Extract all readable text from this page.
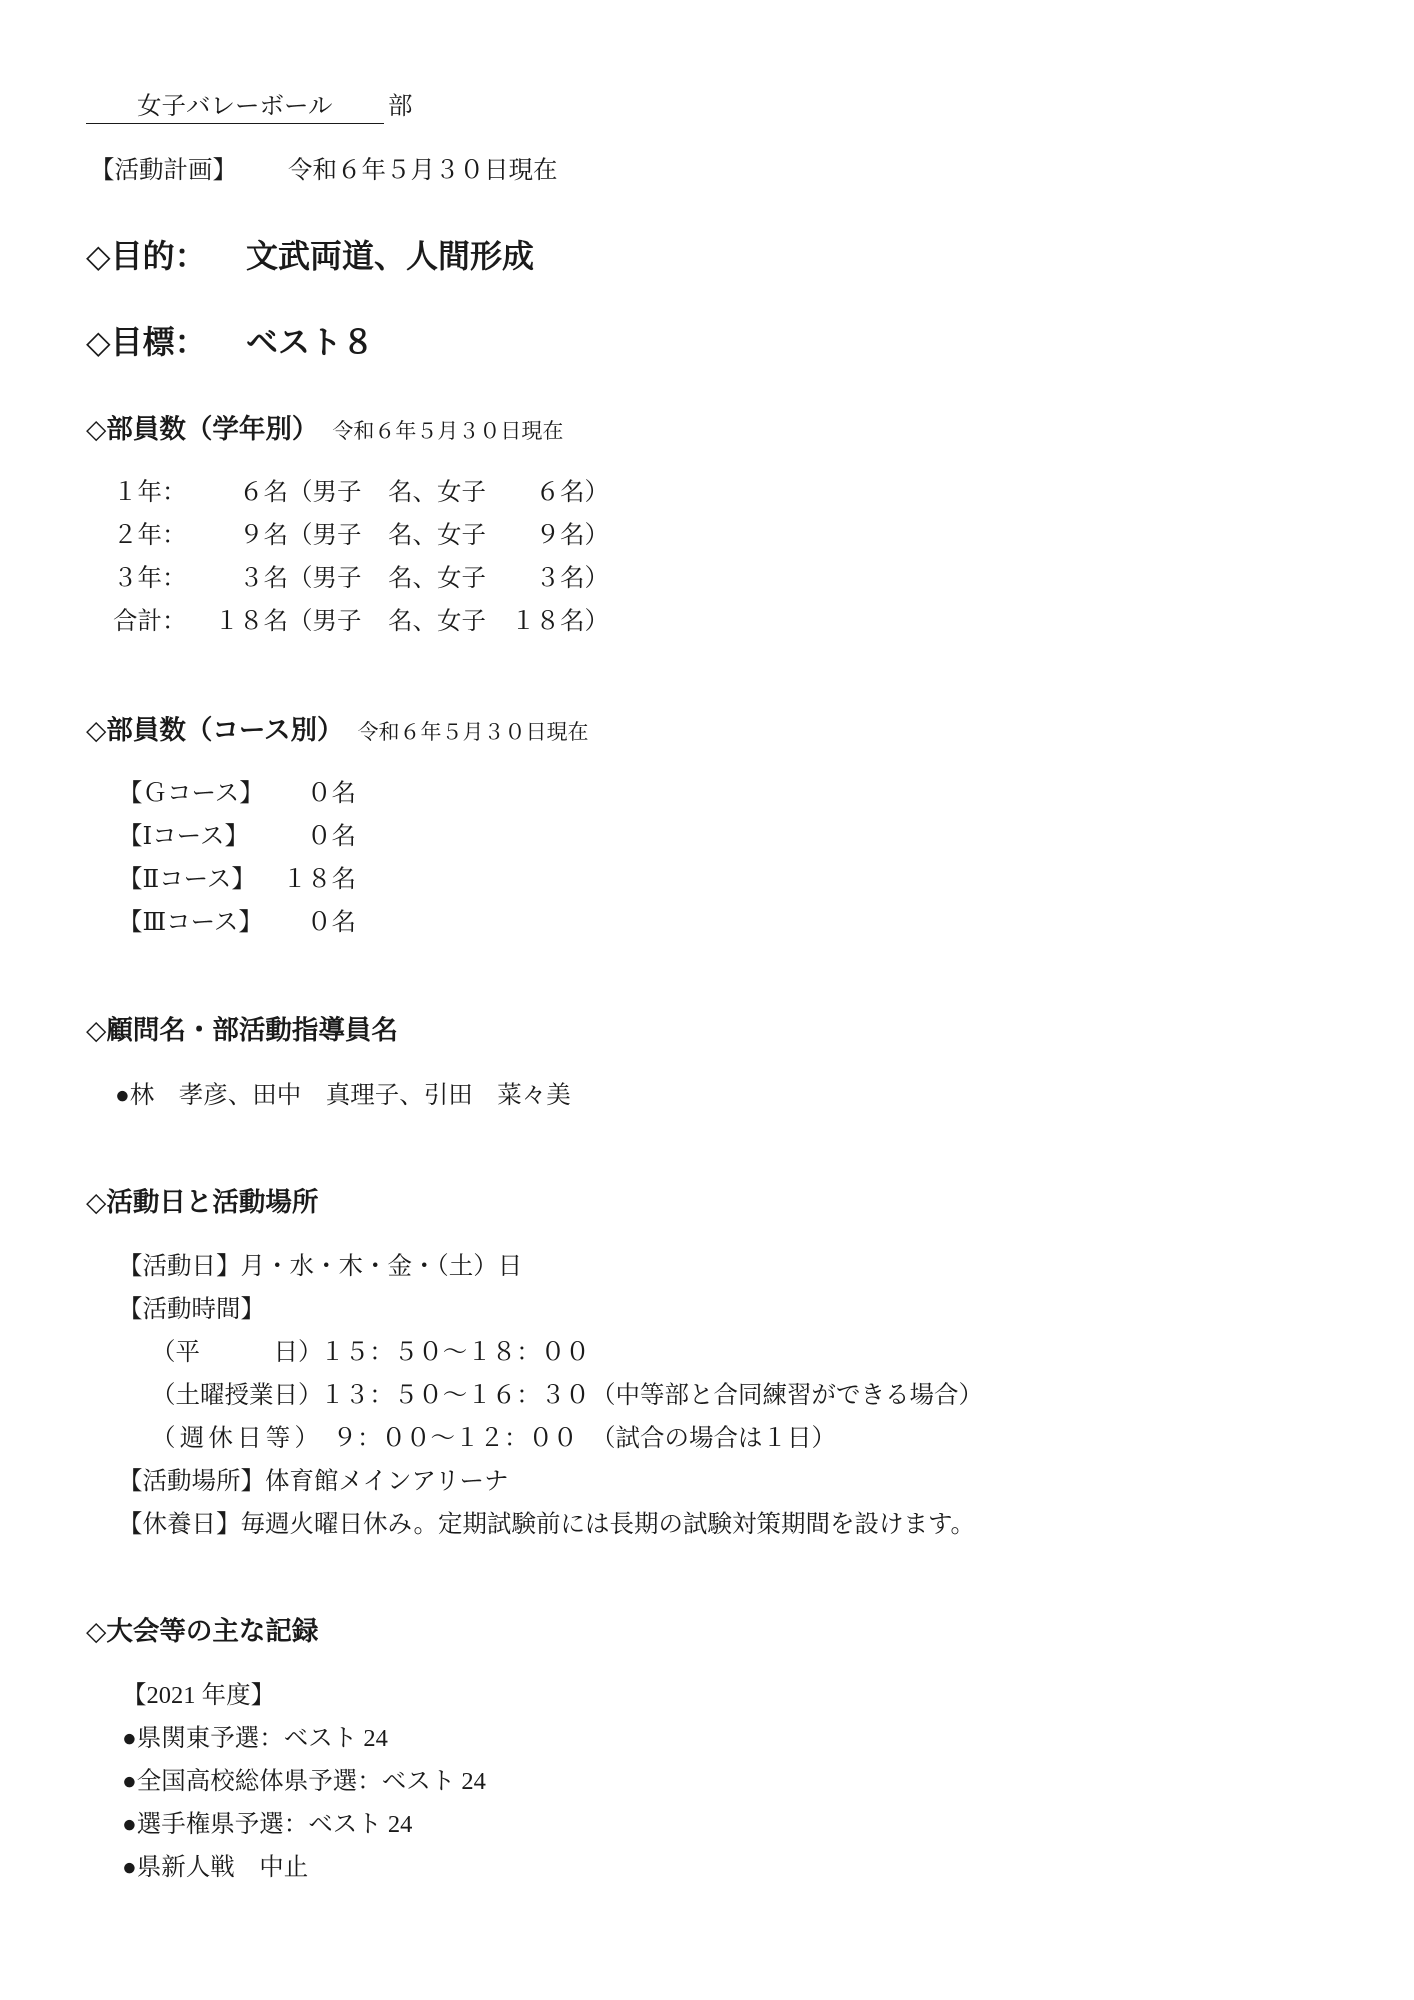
女子バレーボール 部
【活動計画】 令和６年５月３０日現在
◇目的： 文武両道、人間形成
◇目標： ベスト８
◇部員数（学年別） 令和６年５月３０日現在
１年：	６名 （男子 名、女子	６ 名）
２年：	９名 （男子 名、女子	９ 名）
３年：	３名 （男子 名、女子	３ 名）
合計：	１８名 （男子 名、女子	１８ 名）
◇部員数（コース別） 令和６年５月３０日現在
【Ｇコース】	０名
【Ⅰコース】	０名
【Ⅱコース】	１８名
【Ⅲコース】	０名
◇顧問名・部活動指導員名
●林　孝彦、田中　真理子、引田　菜々美
◇活動日と活動場所
【活動日】 月・水・木・金・（土）日
【活動時間】
（平　　　日）
１５：５０～１８：００
（土曜授業日）
１３：５０～１６：３０ （中等部と合同練習ができる場合）
（週休日等） ９：００～１２：００ （試合の場合は１日）
【活動場所】 体育館メインアリーナ
【休養日】 毎週火曜日休み。定期試験前には長期の試験対策期間を設けます。
◇大会等の主な記録
【2021 年度】
●県関東予選：ベスト 24
●全国高校総体県予選：ベスト 24
●選手権県予選：ベスト 24
●県新人戦　中止
